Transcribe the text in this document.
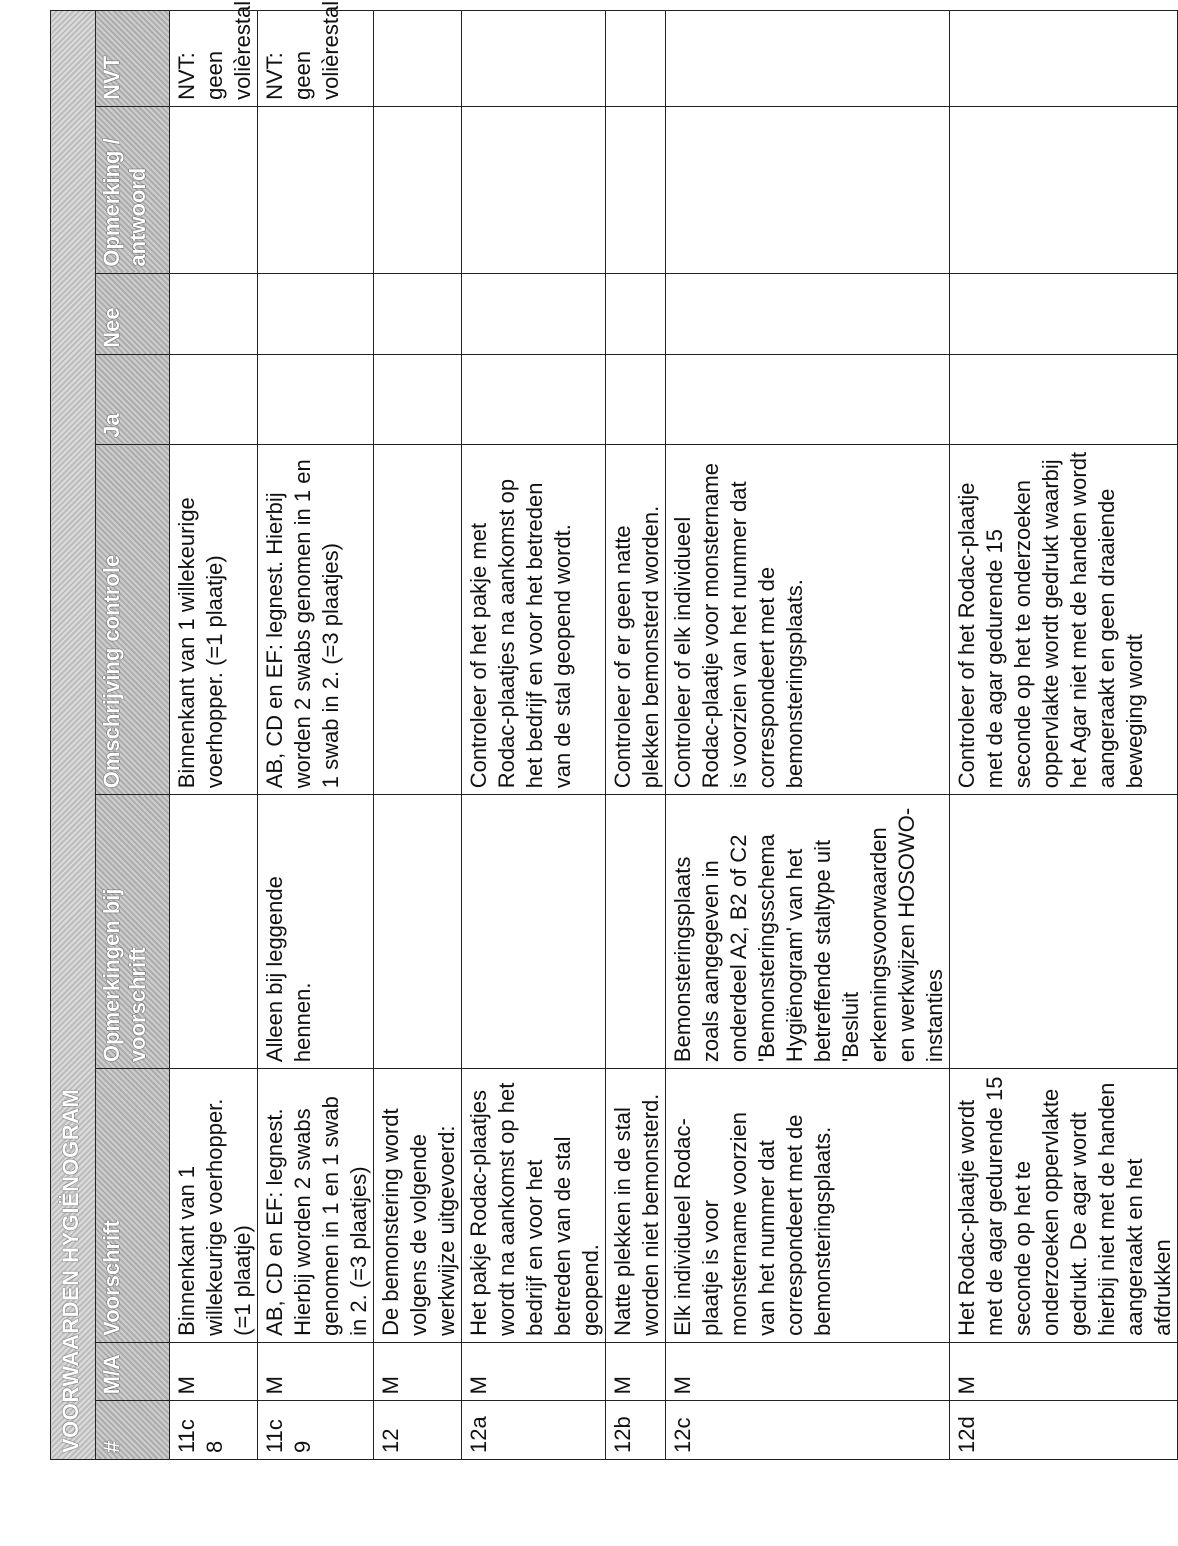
VOORWAARDEN HYGIËNOGRAM								
#	M/A	Voorschrift	Opmerkingen bij voorschrift	Omschrijving controle	Ja	Nee	Opmerking / antwoord	NVT
11c 8	M	Binnenkant van 1 willekeurige voerhopper. (=1 plaatje)		Binnenkant van 1 willekeurige voerhopper. (=1 plaatje)				NVT: geen volièrestal
11c 9	M	AB, CD en EF: legnest. Hierbij worden 2 swabs genomen in 1 en 1 swab in 2. (=3 plaatjes)	Alleen bij leggende hennen.	AB, CD en EF: legnest. Hierbij worden 2 swabs genomen in 1 en 1 swab in 2. (=3 plaatjes)				NVT: geen volièrestal
12	M	De bemonstering wordt volgens de volgende werkwijze uitgevoerd:						
12a	M	Het pakje Rodac-plaatjes wordt na aankomst op het bedrijf en voor het betreden van de stal geopend.		Controleer of het pakje met Rodac-plaatjes na aankomst op het bedrijf en voor het betreden van de stal geopend wordt.				
12b	M	Natte plekken in de stal worden niet bemonsterd.		Controleer of er geen natte plekken bemonsterd worden.				
12c	M	Elk individueel Rodac-plaatje is voor monstername voorzien van het nummer dat correspondeert met de bemonsteringsplaats.	Bemonsteringsplaats zoals aangegeven in onderdeel A2, B2 of C2 'Bemonsteringsschema Hygiënogram' van het betreffende staltype uit 'Besluit erkenningsvoorwaarden en werkwijzen HOSOWO-instanties	Controleer of elk individueel Rodac-plaatje voor monstername is voorzien van het nummer dat correspondeert met de bemonsteringsplaats.				
12d	M	Het Rodac-plaatje wordt met de agar gedurende 15 seconde op het te onderzoeken oppervlakte gedrukt. De agar wordt hierbij niet met de handen aangeraakt en het afdrukken		Controleer of het Rodac-plaatje met de agar gedurende 15 seconde op het te onderzoeken oppervlakte wordt gedrukt waarbij het Agar niet met de handen wordt aangeraakt en geen draaiende beweging wordt				
